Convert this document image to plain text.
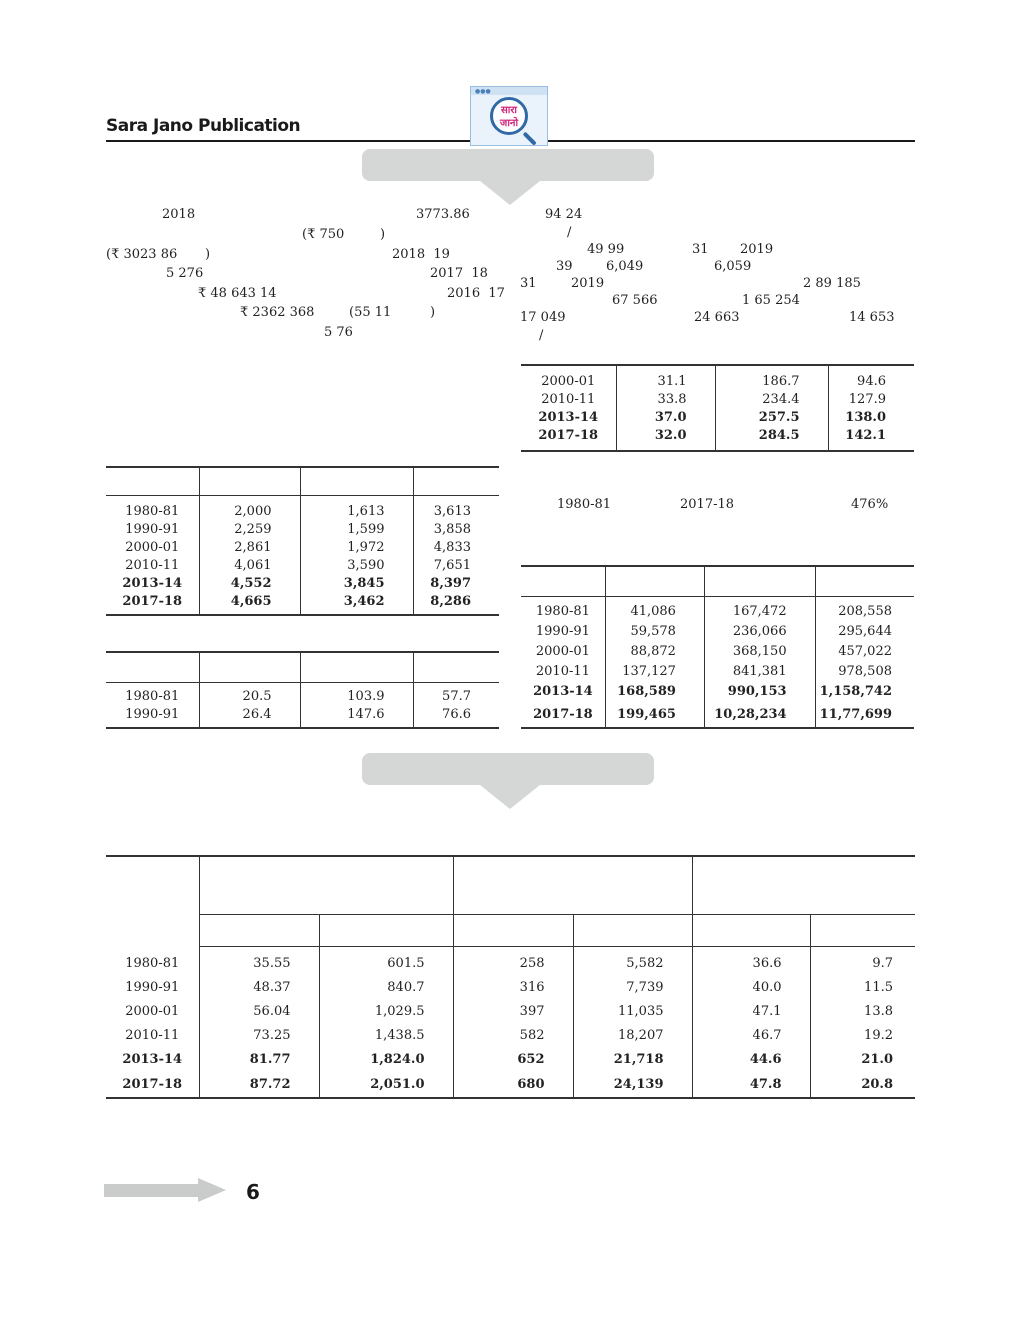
Sara Jano Publication
●●●
सारा
जानो
2018	3773.86
(₹ 750	)
(₹ 3023 86 )	2018  19
5 276	2017  18
₹ 48 643 14	2016  17
₹ 2362 368	(55 11	)
5 76
94 24
/
49 99	31 2019
39	6,049	6,059
31	2019	2 89 185
67 566	1 65 254
17 049	24 663	14 653
/

2000-01	31.1	186.7	94.6
2010-11	33.8	234.4	127.9
2013-14	37.0	257.5	138.0
2017-18	32.0	284.5	142.1

1980-81	2,000	1,613	3,613
1990-91	2,259	1,599	3,858
2000-01	2,861	1,972	4,833
2010-11	4,061	3,590	7,651
2013-14	4,552	3,845	8,397
2017-18	4,665	3,462	8,286

1980-81	20.5	103.9	57.7
1990-91	26.4	147.6	76.6

1980-81	2017-18	476%

1980-81	41,086	167,472	208,558
1990-91	59,578	236,066	295,644
2000-01	88,872	368,150	457,022
2010-11	137,127	841,381	978,508
2013-14	168,589	990,153	1,158,742
2017-18	199,465	10,28,234	11,77,699

1980-81	35.55	601.5	258	5,582	36.6	9.7
1990-91	48.37	840.7	316	7,739	40.0	11.5
2000-01	56.04	1,029.5	397	11,035	47.1	13.8
2010-11	73.25	1,438.5	582	18,207	46.7	19.2
2013-14	81.77	1,824.0	652	21,718	44.6	21.0
2017-18	87.72	2,051.0	680	24,139	47.8	20.8
6
